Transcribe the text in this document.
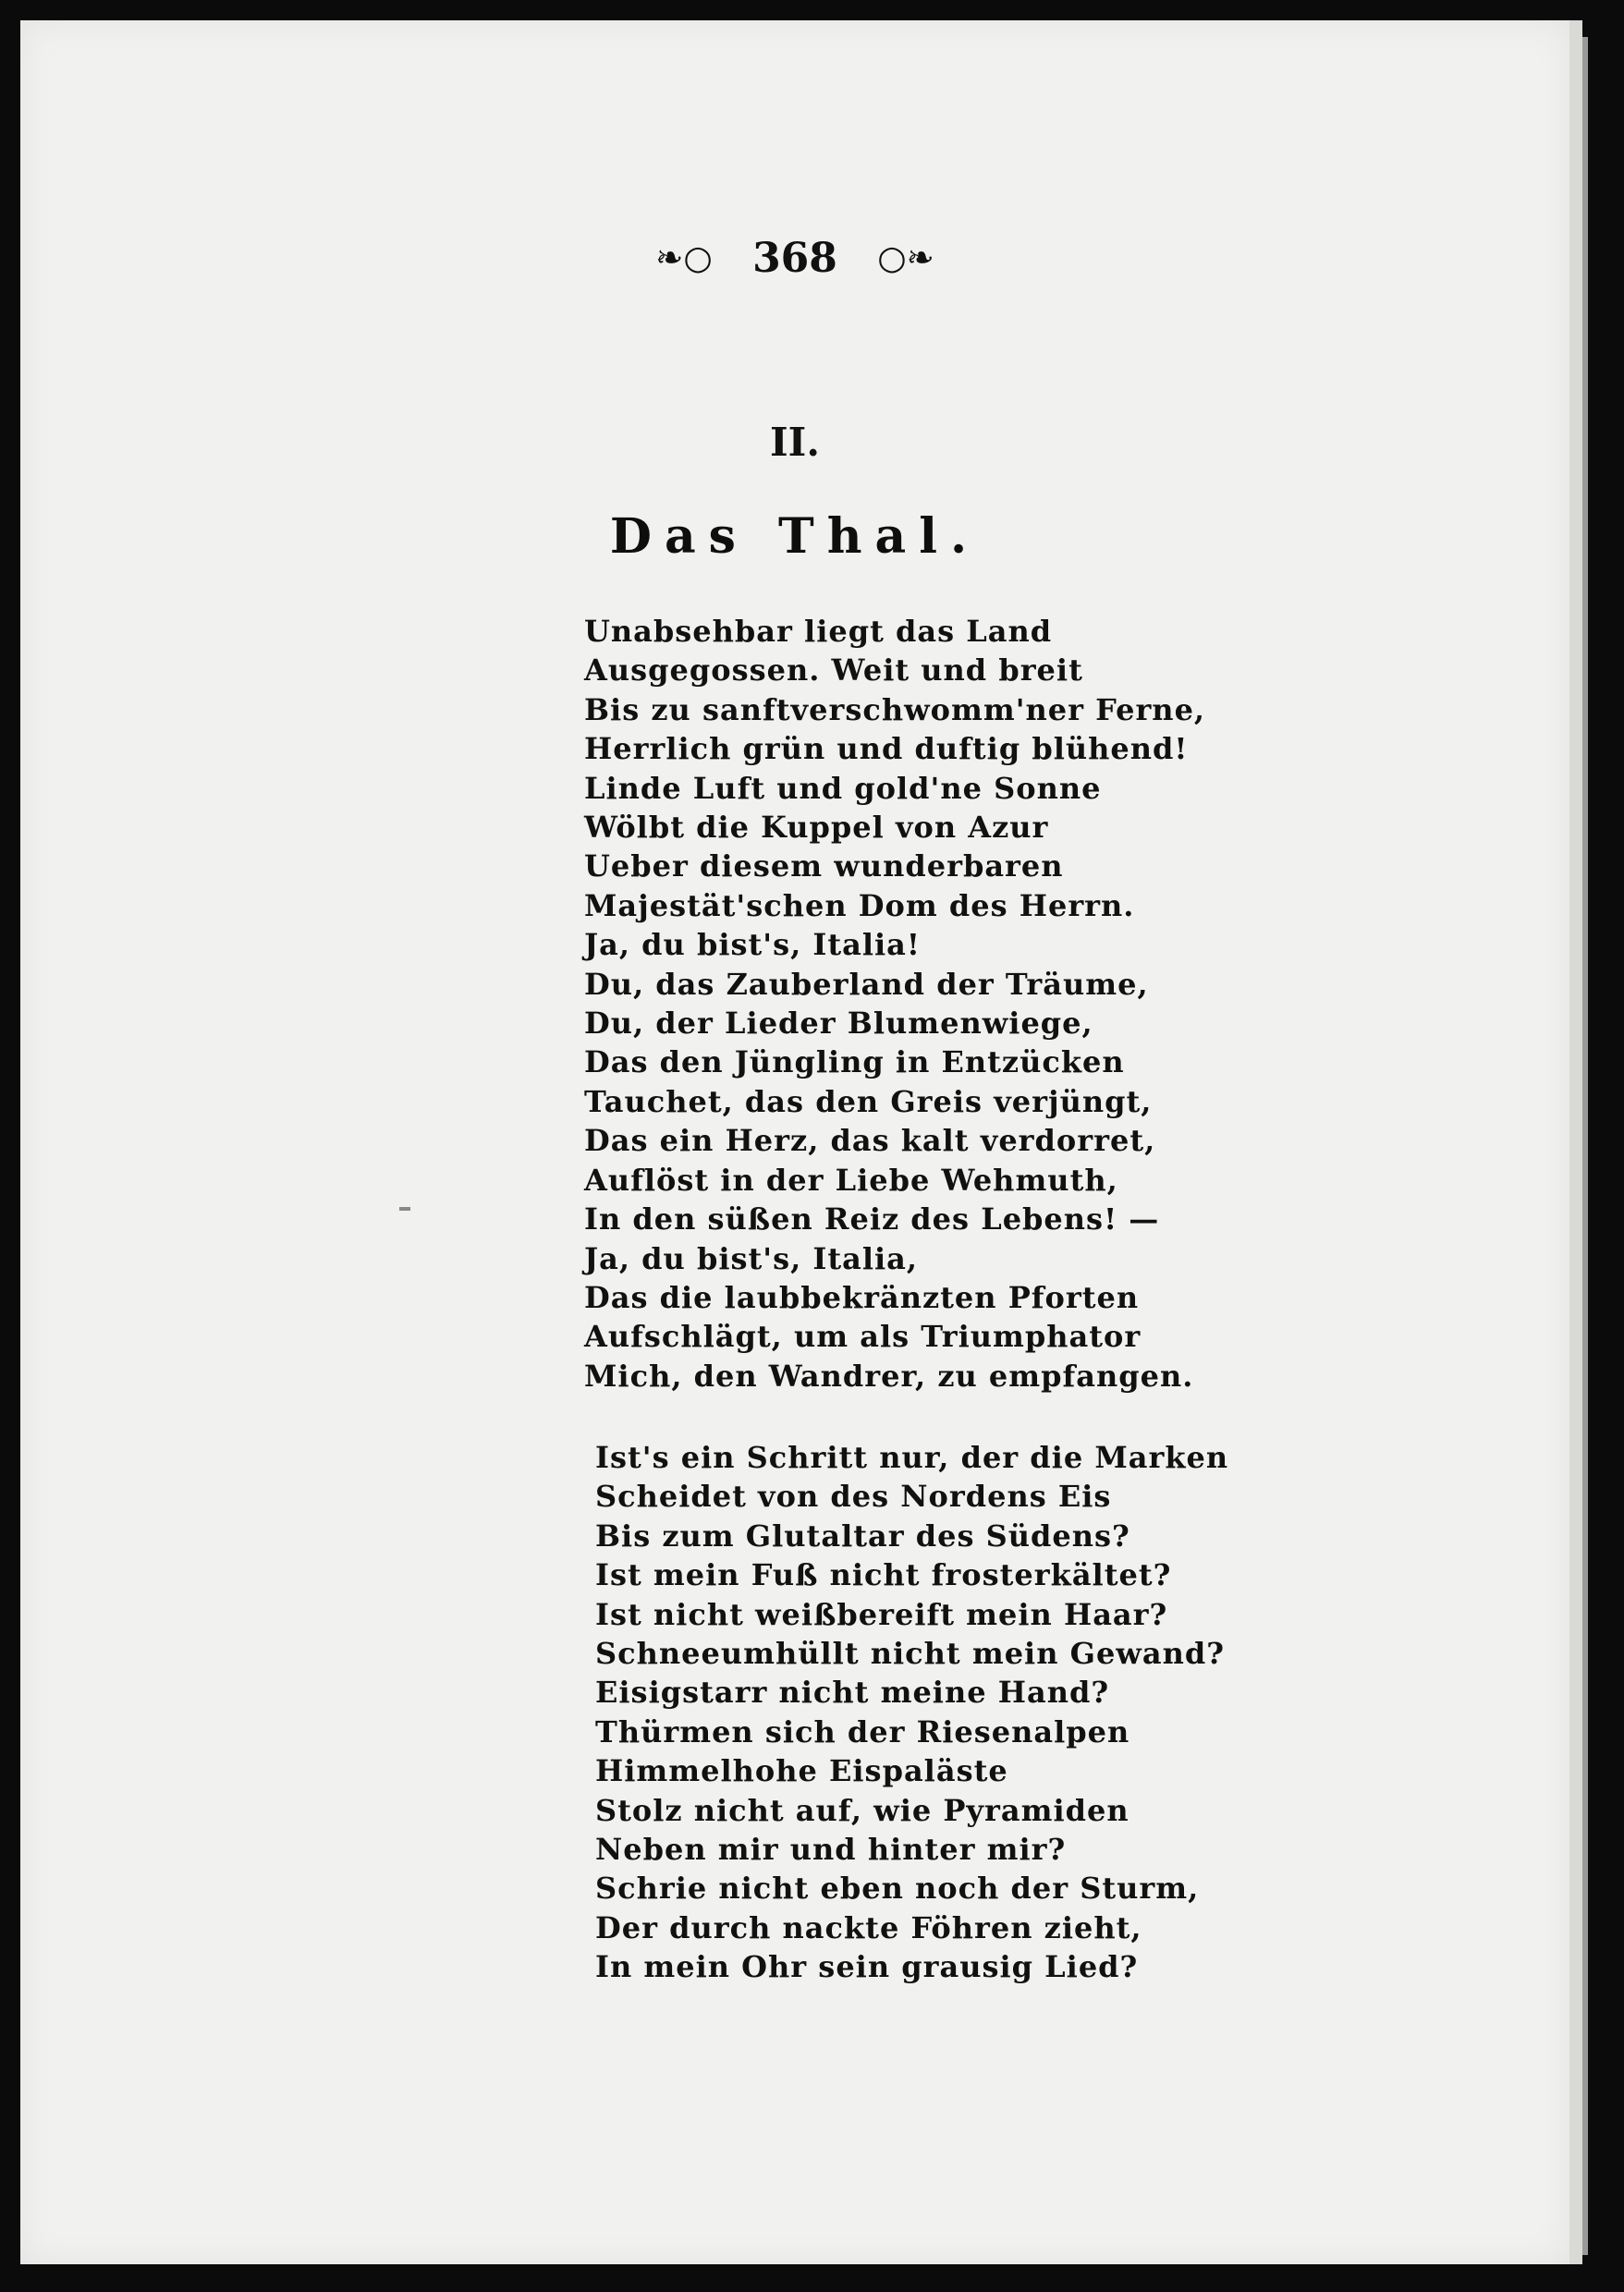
❧○ 368 ○❧
II.
Das Thal.
Unabsehbar liegt das Land
Ausgegossen. Weit und breit
Bis zu sanftverschwomm'ner Ferne,
Herrlich grün und duftig blühend!
Linde Luft und gold'ne Sonne
Wölbt die Kuppel von Azur
Ueber diesem wunderbaren
Majestät'schen Dom des Herrn.
Ja, du bist's, Italia!
Du, das Zauberland der Träume,
Du, der Lieder Blumenwiege,
Das den Jüngling in Entzücken
Tauchet, das den Greis verjüngt,
Das ein Herz, das kalt verdorret,
Auflöst in der Liebe Wehmuth,
In den süßen Reiz des Lebens! —
Ja, du bist's, Italia,
Das die laubbekränzten Pforten
Aufschlägt, um als Triumphator
Mich, den Wandrer, zu empfangen.
Ist's ein Schritt nur, der die Marken
Scheidet von des Nordens Eis
Bis zum Glutaltar des Südens?
Ist mein Fuß nicht frosterkältet?
Ist nicht weißbereift mein Haar?
Schneeumhüllt nicht mein Gewand?
Eisigstarr nicht meine Hand?
Thürmen sich der Riesenalpen
Himmelhohe Eispaläste
Stolz nicht auf, wie Pyramiden
Neben mir und hinter mir?
Schrie nicht eben noch der Sturm,
Der durch nackte Föhren zieht,
In mein Ohr sein grausig Lied?
